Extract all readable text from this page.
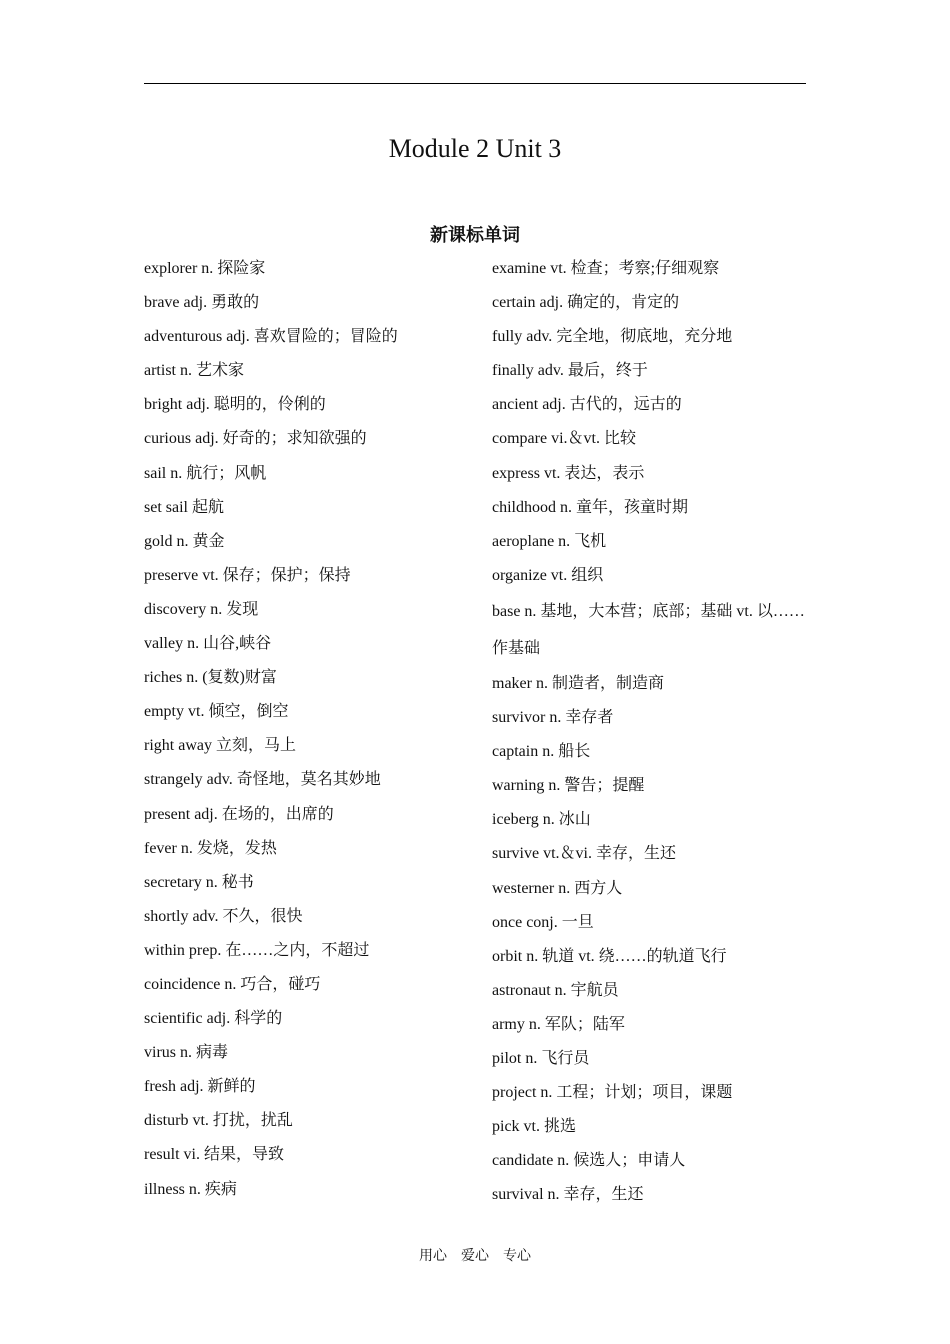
Module 2 Unit 3
新课标单词
explorer n. 探险家
brave adj. 勇敢的
adventurous adj. 喜欢冒险的；冒险的
artist n. 艺术家
bright adj. 聪明的，伶俐的
curious adj. 好奇的；求知欲强的
sail n. 航行；风帆
set sail 起航
gold n. 黄金
preserve vt. 保存；保护；保持
discovery n. 发现
valley n. 山谷,峡谷
riches n. (复数)财富
empty vt. 倾空，倒空
right away 立刻，马上
strangely adv. 奇怪地，莫名其妙地
present adj. 在场的，出席的
fever n. 发烧，发热
secretary n. 秘书
shortly adv. 不久，很快
within prep. 在……之内，不超过
coincidence n. 巧合，碰巧
scientific adj. 科学的
virus n. 病毒
fresh adj. 新鲜的
disturb vt. 打扰，扰乱
result vi. 结果，导致
illness n. 疾病
examine vt. 检查；考察;仔细观察
certain adj. 确定的，肯定的
fully adv. 完全地，彻底地，充分地
finally adv. 最后，终于
ancient adj. 古代的，远古的
compare vi.＆vt. 比较
express vt. 表达，表示
childhood n. 童年，孩童时期
aeroplane n. 飞机
organize vt. 组织
base n. 基地，大本营；底部；基础 vt. 以……作基础
maker n. 制造者，制造商
survivor n. 幸存者
captain n. 船长
warning n. 警告；提醒
iceberg n. 冰山
survive vt.＆vi. 幸存，生还
westerner n. 西方人
once conj. 一旦
orbit n. 轨道 vt. 绕……的轨道飞行
astronaut n. 宇航员
army n. 军队；陆军
pilot n. 飞行员
project n. 工程；计划；项目，课题
pick vt. 挑选
candidate n. 候选人；申请人
survival n. 幸存，生还
用心　爱心　专心
